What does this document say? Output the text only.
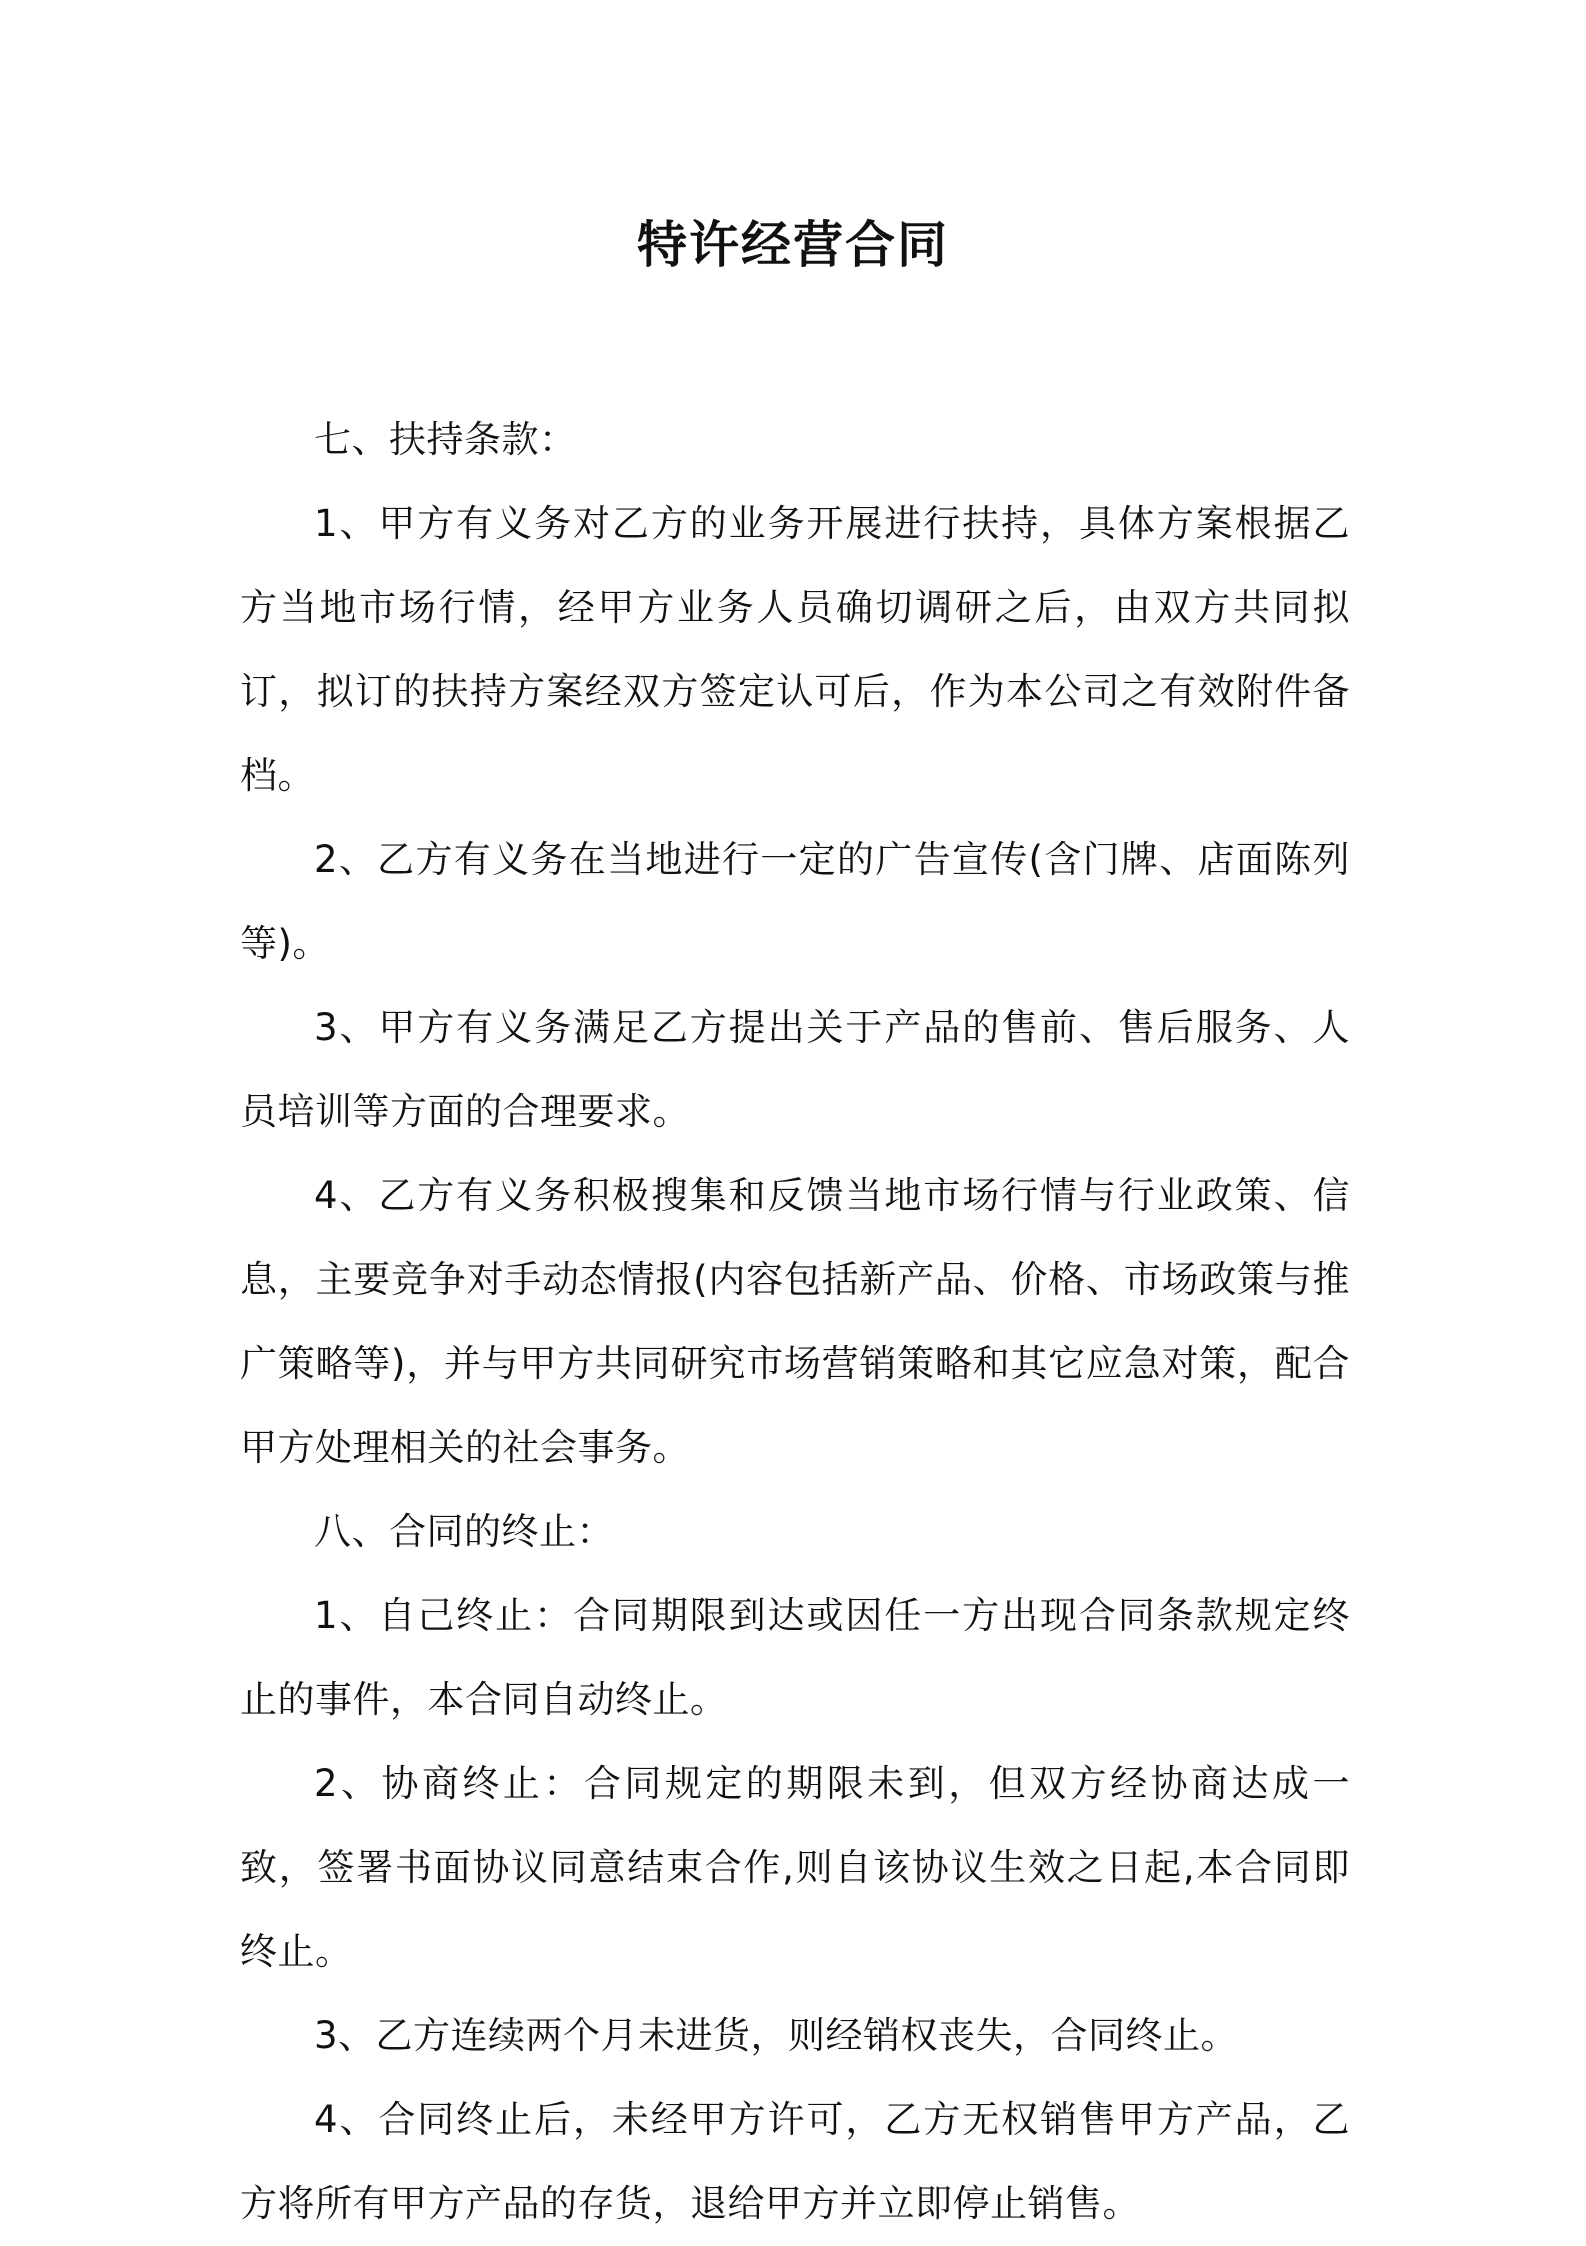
特许经营合同

七、扶持条款：

1、甲方有义务对乙方的业务开展进行扶持，具体方案根据乙方当地市场行情，经甲方业务人员确切调研之后，由双方共同拟订，拟订的扶持方案经双方签定认可后，作为本公司之有效附件备档。

2、乙方有义务在当地进行一定的广告宣传(含门牌、店面陈列等)。

3、甲方有义务满足乙方提出关于产品的售前、售后服务、人员培训等方面的合理要求。

4、乙方有义务积极搜集和反馈当地市场行情与行业政策、信息，主要竞争对手动态情报(内容包括新产品、价格、市场政策与推广策略等)，并与甲方共同研究市场营销策略和其它应急对策，配合甲方处理相关的社会事务。

八、合同的终止：

1、自己终止：合同期限到达或因任一方出现合同条款规定终止的事件，本合同自动终止。

2、协商终止：合同规定的期限未到，但双方经协商达成一致，签署书面协议同意结束合作,则自该协议生效之日起,本合同即终止。

3、乙方连续两个月未进货，则经销权丧失，合同终止。

4、合同终止后，未经甲方许可，乙方无权销售甲方产品，乙方将所有甲方产品的存货，退给甲方并立即停止销售。
